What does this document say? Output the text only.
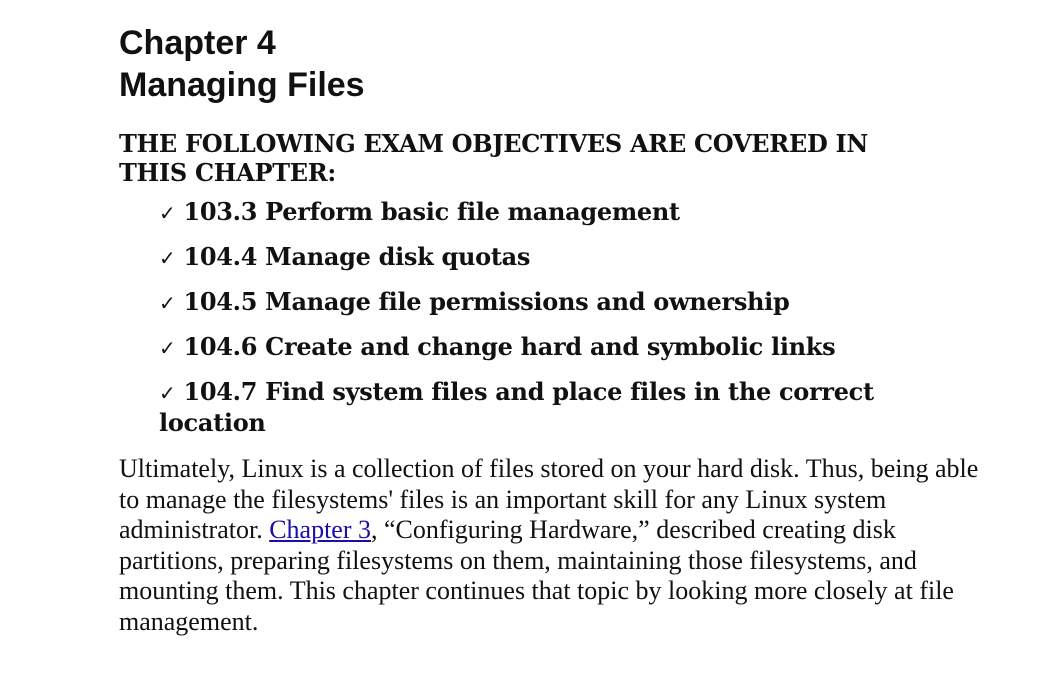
Chapter 4
Managing Files
THE FOLLOWING EXAM OBJECTIVES ARE COVERED IN THIS CHAPTER:
✓ 103.3 Perform basic file management
✓ 104.4 Manage disk quotas
✓ 104.5 Manage file permissions and ownership
✓ 104.6 Create and change hard and symbolic links
✓ 104.7 Find system files and place files in the correct location

Ultimately, Linux is a collection of files stored on your hard disk. Thus, being able to manage the filesystems' files is an important skill for any Linux system administrator. Chapter 3, “Configuring Hardware,” described creating disk partitions, preparing filesystems on them, maintaining those filesystems, and mounting them. This chapter continues that topic by looking more closely at file management.
